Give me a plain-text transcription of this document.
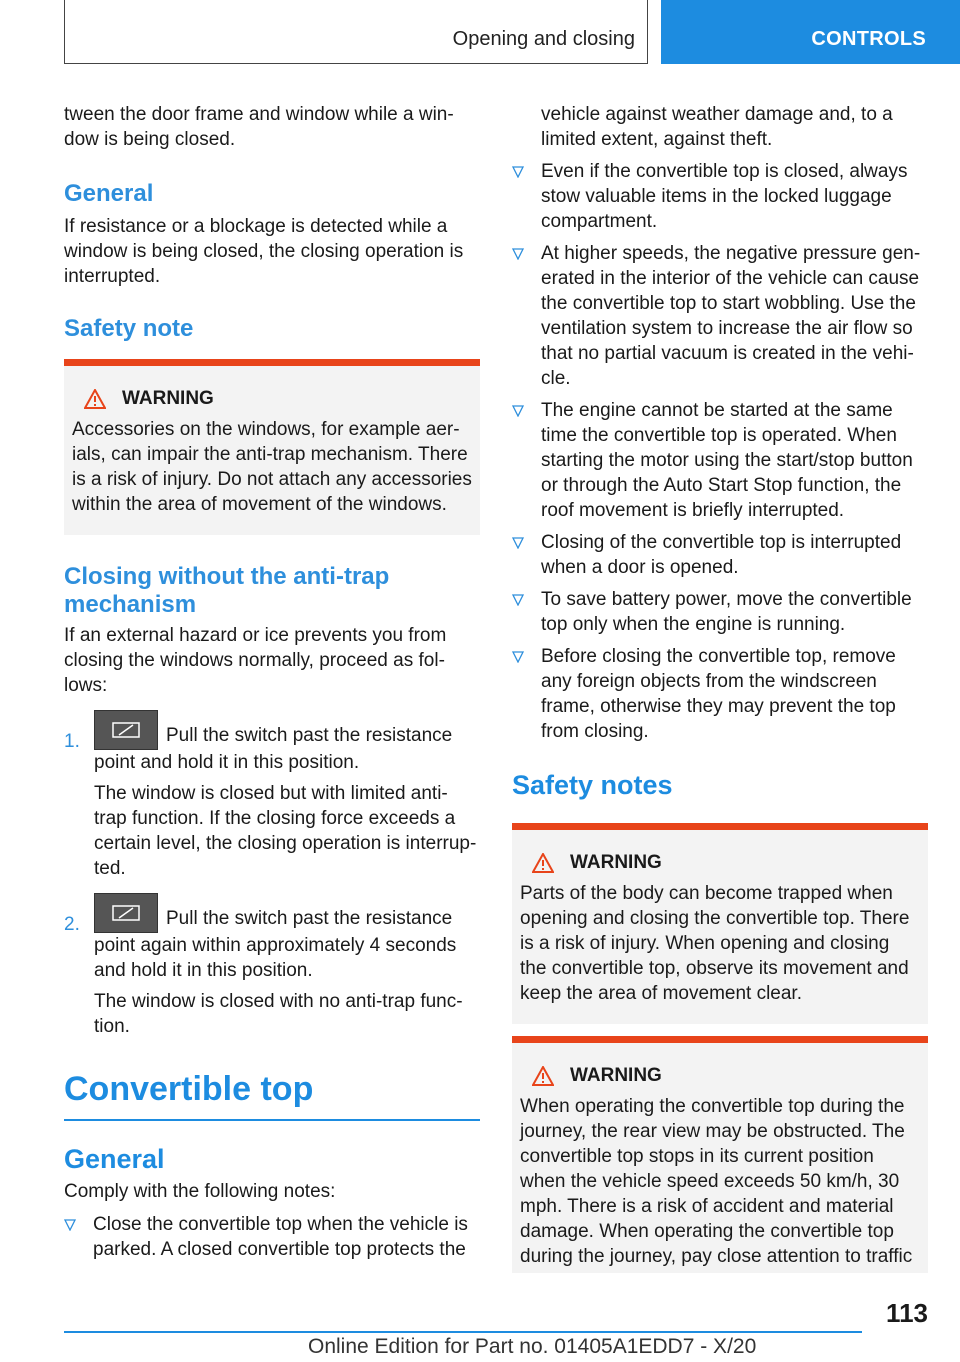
Opening and closing	CONTROLS

tween the door frame and window while a window is being closed.

General

If resistance or a blockage is detected while a window is being closed, the closing operation is interrupted.

Safety note
WARNING

Accessories on the windows, for example aerials, can impair the anti-trap mechanism. There is a risk of injury. Do not attach any accessories within the area of movement of the windows.

Closing without the anti-trap mechanism

If an external hazard or ice prevents you from closing the windows normally, proceed as follows:

1.	Pull the switch past the resistance point and hold it in this position.

The window is closed but with limited anti-trap function. If the closing force exceeds a certain level, the closing operation is interrupted.

2.	Pull the switch past the resistance point again within approximately 4 seconds and hold it in this position.

The window is closed with no anti-trap function.

Convertible top
General

Comply with the following notes:

Close the convertible top when the vehicle is parked. A closed convertible top protects the

vehicle against weather damage and, to a limited extent, against theft.

Even if the convertible top is closed, always stow valuable items in the locked luggage compartment.
At higher speeds, the negative pressure generated in the interior of the vehicle can cause the convertible top to start wobbling. Use the ventilation system to increase the air flow so that no partial vacuum is created in the vehicle.
The engine cannot be started at the same time the convertible top is operated. When starting the motor using the start/stop button or through the Auto Start Stop function, the roof movement is briefly interrupted.
Closing of the convertible top is interrupted when a door is opened.
To save battery power, move the convertible top only when the engine is running.
Before closing the convertible top, remove any foreign objects from the windscreen frame, otherwise they may prevent the top from closing.
Safety notes
WARNING

Parts of the body can become trapped when opening and closing the convertible top. There is a risk of injury. When opening and closing the convertible top, observe its movement and keep the area of movement clear.

WARNING

When operating the convertible top during the journey, the rear view may be obstructed. The convertible top stops in its current position when the vehicle speed exceeds 50 km/h, 30 mph. There is a risk of accident and material damage. When operating the convertible top during the journey, pay close attention to traffic

113
Online Edition for Part no. 01405A1EDD7 - X/20
